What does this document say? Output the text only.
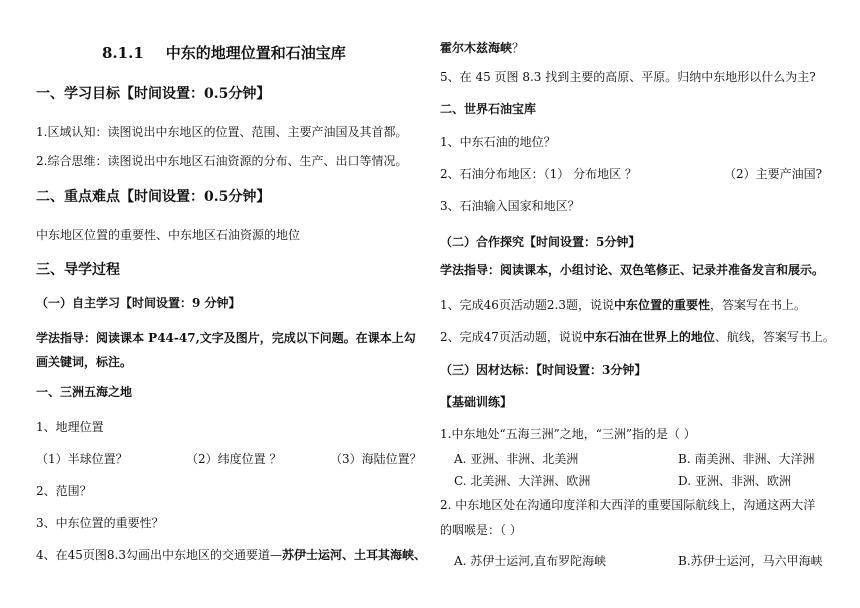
8.1.1 中东的地理位置和石油宝库
一、学习目标【时间设置：0.5分钟】
1.区域认知：读图说出中东地区的位置、范围、主要产油国及其首都。
2.综合思维：读图说出中东地区石油资源的分布、生产、出口等情况。
二、重点难点【时间设置：0.5分钟】
中东地区位置的重要性、中东地区石油资源的地位
三、导学过程
（一）自主学习【时间设置：9 分钟】
学法指导：阅读课本 P44-47,文字及图片，完成以下问题。在课本上勾
画关键词，标注。
一、三洲五海之地
1、地理位置
（1）半球位置？	（2）纬度位置 ？	（3）海陆位置？
2、范围？
3、中东位置的重要性？
4、在45页图8.3勾画出中东地区的交通要道—苏伊士运河、土耳其海峡、
霍尔木兹海峡？
5、在 45 页图 8.3 找到主要的高原、平原。归纳中东地形以什么为主?
二、世界石油宝库
1、中东石油的地位？
2、石油分布地区：（1） 分布地区 ？	（2）主要产油国?
3、石油输入国家和地区？
（二）合作探究【时间设置：5分钟】
学法指导：阅读课本，小组讨论、双色笔修正、记录并准备发言和展示。
1、完成46页活动题2.3题，说说中东位置的重要性，答案写在书上。
2、完成47页活动题，说说中东石油在世界上的地位、航线，答案写书上。
（三）因材达标：【时间设置：3分钟】
【基础训练】
1.中东地处“五海三洲”之地，“三洲”指的是（ ）
A. 亚洲、非洲、北美洲	B. 南美洲、非洲、大洋洲
C. 北美洲、大洋洲、欧洲	D. 亚洲、非洲、欧洲
2. 中东地区处在沟通印度洋和大西洋的重要国际航线上，沟通这两大洋
的咽喉是：（ ）
A. 苏伊士运河,直布罗陀海峡	B.苏伊士运河，马六甲海峡
